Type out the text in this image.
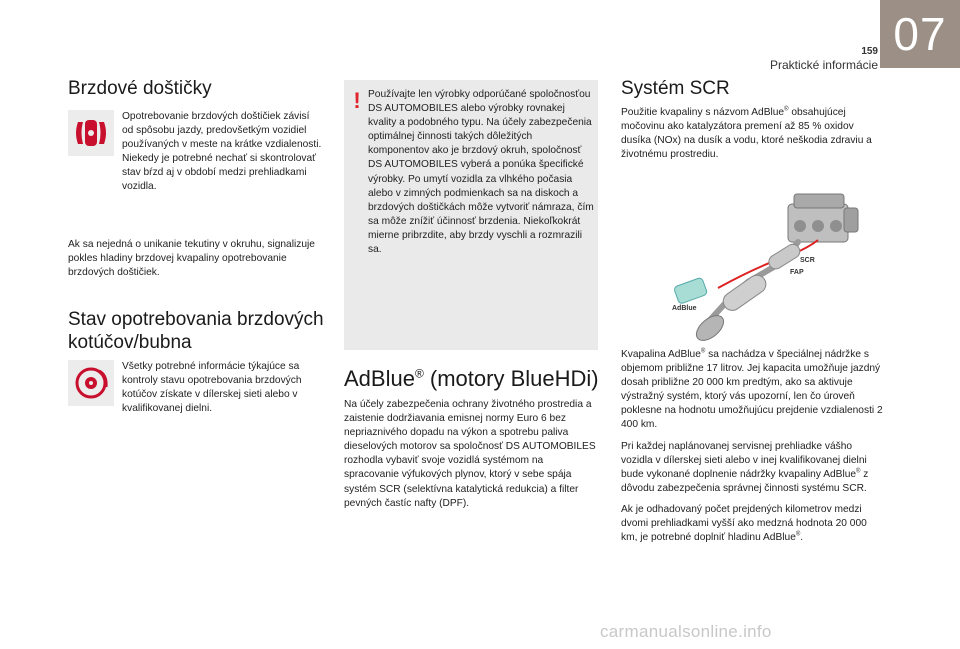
159
Praktické informácie
07
Brzdové doštičky
Opotrebovanie brzdových doštičiek závisí od spôsobu jazdy, predovšetkým vozidiel používaných v meste na krátke vzdialenosti. Niekedy je potrebné nechať si skontrolovať stav bŕzd aj v období medzi prehliadkami vozidla.
Ak sa nejedná o unikanie tekutiny v okruhu, signalizuje pokles hladiny brzdovej kvapaliny opotrebovanie brzdových doštičiek.
Stav opotrebovania brzdových kotúčov/bubna
Všetky potrebné informácie týkajúce sa kontroly stavu opotrebovania brzdových kotúčov získate v dílerskej sieti alebo v kvalifikovanej dielni.
! Používajte len výrobky odporúčané spoločnosťou DS AUTOMOBILES alebo výrobky rovnakej kvality a podobného typu. Na účely zabezpečenia optimálnej činnosti takých dôležitých komponentov ako je brzdový okruh, spoločnosť DS AUTOMOBILES vyberá a ponúka špecifické výrobky. Po umytí vozidla za vlhkého počasia alebo v zimných podmienkach sa na diskoch a brzdových doštičkách môže vytvoriť námraza, čím sa môže znížiť účinnosť brzdenia. Niekoľkokrát mierne pribrzdite, aby brzdy vyschli a rozmrazili sa.
AdBlue® (motory BlueHDi)
Na účely zabezpečenia ochrany životného prostredia a zaistenie dodržiavania emisnej normy Euro 6 bez nepriaznivého dopadu na výkon a spotrebu paliva dieselových motorov sa spoločnosť DS AUTOMOBILES rozhodla vybaviť svoje vozidlá systémom na spracovanie výfukových plynov, ktorý v sebe spája systém SCR (selektívna katalytická redukcia) a filter pevných častíc nafty (DPF).
Systém SCR
Použitie kvapaliny s názvom AdBlue® obsahujúcej močovinu ako katalyzátora premení až 85 % oxidov dusíka (NOx) na dusík a vodu, ktoré neškodia zdraviu a životnému prostrediu.
SCR
FAP
AdBlue

Kvapalina AdBlue® sa nachádza v špeciálnej nádržke s objemom približne 17 litrov. Jej kapacita umožňuje jazdný dosah približne 20 000 km predtým, ako sa aktivuje výstražný systém, ktorý vás upozorní, len čo úroveň poklesne na hodnotu umožňujúcu prejdenie vzdialenosti 2 400 km.

Pri každej naplánovanej servisnej prehliadke vášho vozidla v dílerskej sieti alebo v inej kvalifikovanej dielni bude vykonané doplnenie nádržky kvapaliny AdBlue® z dôvodu zabezpečenia správnej činnosti systému SCR.

Ak je odhadovaný počet prejdených kilometrov medzi dvomi prehliadkami vyšší ako medzná hodnota 20 000 km, je potrebné doplniť hladinu AdBlue®.

carmanualsonline.info
